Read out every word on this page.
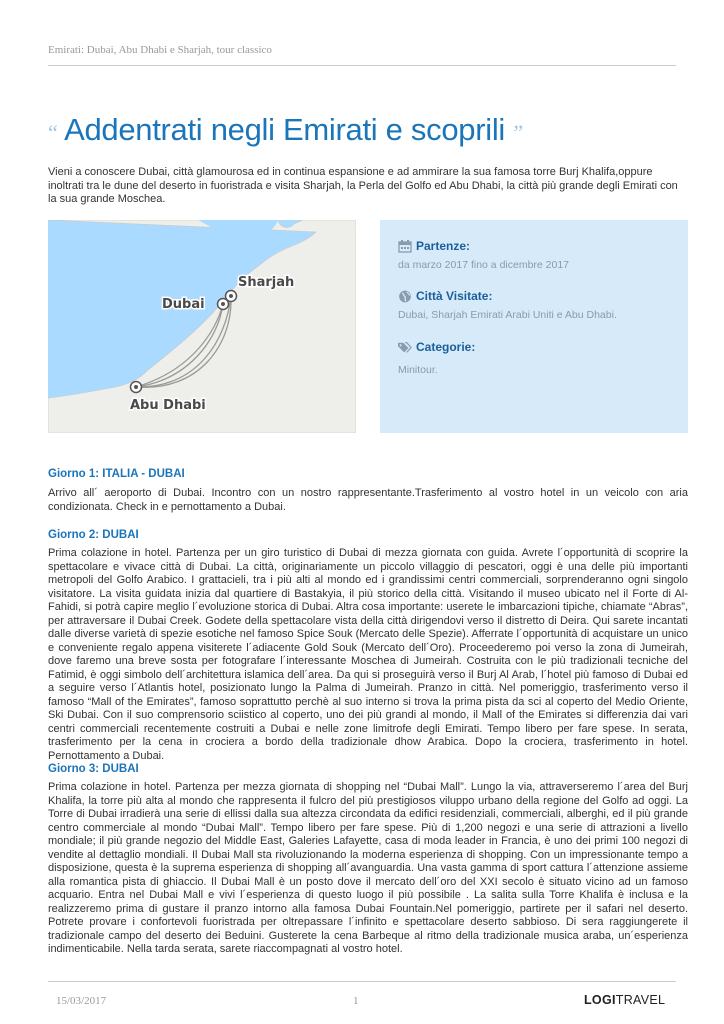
Emirati: Dubai, Abu Dhabi e Sharjah, tour classico
“ Addentrati negli Emirati e scoprili ”
Vieni a conoscere Dubai, città glamourosa ed in continua espansione e ad ammirare la sua famosa torre Burj Khalifa,oppure inoltrati tra le dune del deserto in fuoristrada e visita Sharjah, la Perla del Golfo ed Abu Dhabi, la città più grande degli Emirati con la sua grande Moschea.
Sharjah
Dubai
Abu Dhabi
Partenze:
da marzo 2017 fino a dicembre 2017
Città Visitate:
Dubai, Sharjah Emirati Arabi Uniti e Abu Dhabi.
Categorie:
Minitour.
Giorno 1: ITALIA - DUBAI
Arrivo all´ aeroporto di Dubai. Incontro con un nostro rappresentante.Trasferimento al vostro hotel in un veicolo con aria condizionata. Check in e pernottamento a Dubai.
Giorno 2: DUBAI
Prima colazione in hotel. Partenza per un giro turistico di Dubai di mezza giornata con guida. Avrete l´opportunità di scoprire la spettacolare e vivace città di Dubai. La città, originariamente un piccolo villaggio di pescatori, oggi è una delle più importanti metropoli del Golfo Arabico. I grattacieli, tra i più alti al mondo ed i grandissimi centri commerciali, sorprenderanno ogni singolo visitatore. La visita guidata inizia dal quartiere di Bastakyia, il più storico della città. Visitando il museo ubicato nel il Forte di Al-Fahidi, si potrà capire meglio l´evoluzione storica di Dubai. Altra cosa importante: userete le imbarcazioni tipiche, chiamate “Abras”, per attraversare il Dubai Creek. Godete della spettacolare vista della città dirigendovi verso il distretto di Deira. Qui sarete incantati dalle diverse varietà di spezie esotiche nel famoso Spice Souk (Mercato delle Spezie). Afferrate l´opportunità di acquistare un unico e conveniente regalo appena visiterete l´adiacente Gold Souk (Mercato dell´Oro). Proceederemo poi verso la zona di Jumeirah, dove faremo una breve sosta per fotografare l´interessante Moschea di Jumeirah. Costruita con le più tradizionali tecniche del Fatimid, è oggi simbolo dell´architettura islamica dell´area. Da qui si proseguirà verso il Burj Al Arab, l´hotel più famoso di Dubai ed a seguire verso l´Atlantis hotel, posizionato lungo la Palma di Jumeirah. Pranzo in città. Nel pomeriggio, trasferimento verso il famoso “Mall of the Emirates”, famoso soprattutto perchè al suo interno si trova la prima pista da sci al coperto del Medio Oriente, Ski Dubai. Con il suo comprensorio sciistico al coperto, uno dei più grandi al mondo, il Mall of the Emirates si differenzia dai vari centri commerciali recentemente costruiti a Dubai e nelle zone limitrofe degli Emirati. Tempo libero per fare spese. In serata, trasferimento per la cena in crociera a bordo della tradizionale dhow Arabica. Dopo la crociera, trasferimento in hotel. Pernottamento a Dubai.
Giorno 3: DUBAI
Prima colazione in hotel. Partenza per mezza giornata di shopping nel “Dubai Mall”. Lungo la via, attraverseremo l´area del Burj Khalifa, la torre più alta al mondo che rappresenta il fulcro del più prestigiosos viluppo urbano della regione del Golfo ad oggi. La Torre di Dubai irradierà una serie di ellissi dalla sua altezza circondata da edifici residenziali, commerciali, alberghi, ed il più grande centro commerciale al mondo “Dubai Mall”. Tempo libero per fare spese. Più di 1,200 negozi e una serie di attrazioni a livello mondiale; il più grande negozio del Middle East, Galeries Lafayette, casa di moda leader in Francia, è uno dei primi 100 negozi di vendite al dettaglio mondiali. Il Dubai Mall sta rivoluzionando la moderna esperienza di shopping. Con un impressionante tempo a disposizione, questa è la suprema esperienza di shopping all´avanguardia. Una vasta gamma di sport cattura l´attenzione assieme alla romantica pista di ghiaccio. Il Dubai Mall è un posto dove il mercato dell´oro del XXI secolo è situato vicino ad un famoso acquario. Entra nel Dubai Mall e vivi l´esperienza di questo luogo il più possibile . La salita sulla Torre Khalifa è inclusa e la realizzeremo prima di gustare il pranzo intorno alla famosa Dubai Fountain.Nel pomeriggio, partirete per il safari nel deserto. Potrete provare i confortevoli fuoristrada per oltrepassare l´infinito e spettacolare deserto sabbioso. Di sera raggiungerete il tradizionale campo del deserto dei Beduini. Gusterete la cena Barbeque al ritmo della tradizionale musica araba, un´esperienza indimenticabile. Nella tarda serata, sarete riaccompagnati al vostro hotel.
15/03/2017	1	LOGITRAVEL
